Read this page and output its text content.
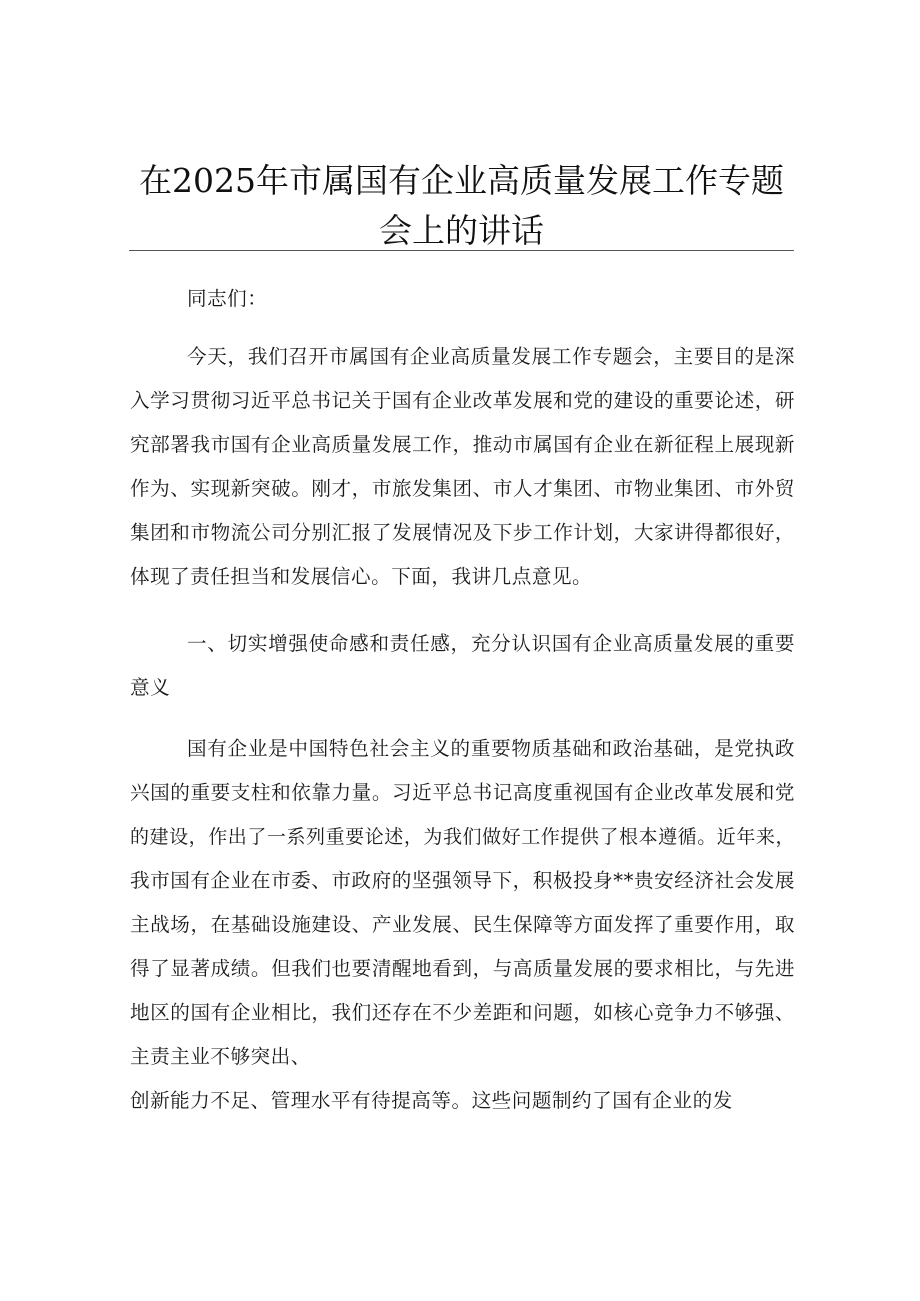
在2025年市属国有企业高质量发展工作专题
会上的讲话
同志们：
今天，我们召开市属国有企业高质量发展工作专题会，主要目的是深
入学习贯彻习近平总书记关于国有企业改革发展和党的建设的重要论述，研
究部署我市国有企业高质量发展工作，推动市属国有企业在新征程上展现新
作为、实现新突破。刚才，市旅发集团、市人才集团、市物业集团、市外贸
集团和市物流公司分别汇报了发展情况及下步工作计划，大家讲得都很好，
体现了责任担当和发展信心。下面，我讲几点意见。
一、切实增强使命感和责任感，充分认识国有企业高质量发展的重要
意义
国有企业是中国特色社会主义的重要物质基础和政治基础，是党执政
兴国的重要支柱和依靠力量。习近平总书记高度重视国有企业改革发展和党
的建设，作出了一系列重要论述，为我们做好工作提供了根本遵循。近年来，
我市国有企业在市委、市政府的坚强领导下，积极投身**贵安经济社会发展
主战场，在基础设施建设、产业发展、民生保障等方面发挥了重要作用，取
得了显著成绩。但我们也要清醒地看到，与高质量发展的要求相比，与先进
地区的国有企业相比，我们还存在不少差距和问题，如核心竞争力不够强、
主责主业不够突出、
创新能力不足、管理水平有待提高等。这些问题制约了国有企业的发
